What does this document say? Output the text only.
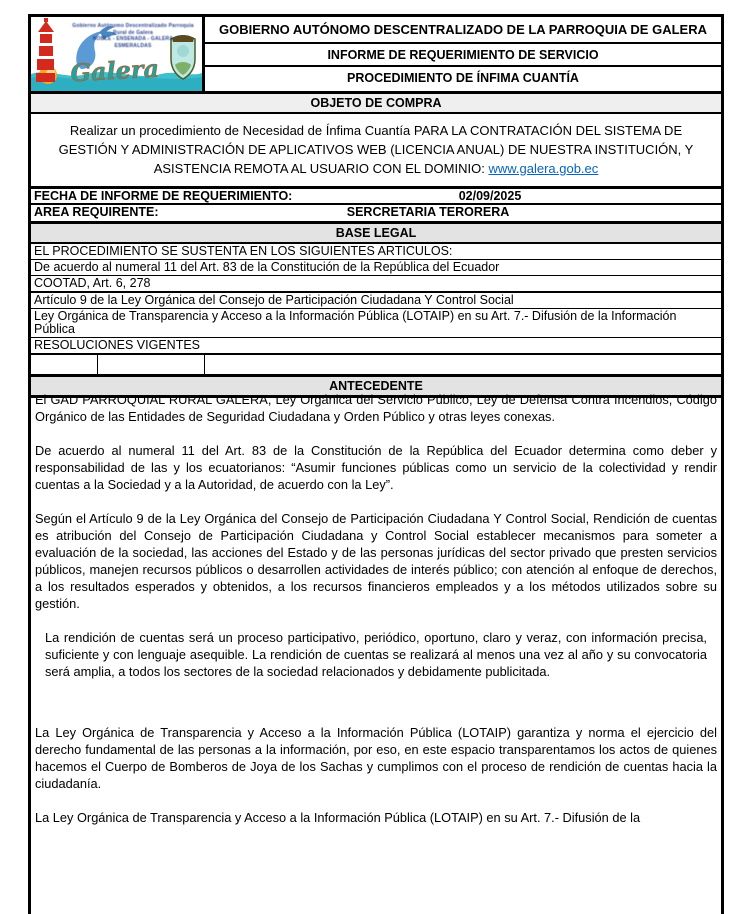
Galera
Gobierno Autónomo Descentralizado Parroquia Rural de Galera
NOBLE - ENSENADA - GALERA
ESMERALDAS
GOBIERNO AUTÓNOMO DESCENTRALIZADO DE LA PARROQUIA DE GALERA
INFORME DE REQUERIMIENTO DE SERVICIO
PROCEDIMIENTO DE ÍNFIMA CUANTÍA
OBJETO DE COMPRA
Realizar un procedimiento de Necesidad de Ínfima Cuantía PARA LA CONTRATACIÓN DEL SISTEMA DE GESTIÓN Y ADMINISTRACIÓN DE APLICATIVOS WEB (LICENCIA ANUAL) DE NUESTRA INSTITUCIÓN, Y ASISTENCIA REMOTA AL USUARIO CON EL DOMINIO: www.galera.gob.ec
FECHA DE INFORME DE REQUERIMIENTO:	02/09/2025
AREA REQUIRENTE:	SERCRETARIA TERORERA
BASE LEGAL
EL PROCEDIMIENTO SE SUSTENTA EN LOS SIGUIENTES ARTICULOS:
De acuerdo al numeral 11 del Art. 83 de la Constitución de la República del Ecuador
COOTAD, Art. 6, 278
Artículo 9 de la Ley Orgánica del Consejo de Participación Ciudadana Y Control Social
Ley Orgánica de Transparencia y Acceso a la Información Pública (LOTAIP) en su Art. 7.- Difusión de la Información Pública
RESOLUCIONES VIGENTES
ANTECEDENTE

El GAD PARROQUIAL RURAL GALERA, Ley Orgánica del Servicio Público, Ley de Defensa Contra Incendios, Código Orgánico de las Entidades de Seguridad Ciudadana y Orden Público y otras leyes conexas.

De acuerdo al numeral 11 del Art. 83 de la Constitución de la República del Ecuador determina como deber y responsabilidad de las y los ecuatorianos: “Asumir funciones públicas como un servicio de la colectividad y rendir cuentas a la Sociedad y a la Autoridad, de acuerdo con la Ley”.

Según el Artículo 9 de la Ley Orgánica del Consejo de Participación Ciudadana Y Control Social, Rendición de cuentas es atribución del Consejo de Participación Ciudadana y Control Social establecer mecanismos para someter a evaluación de la sociedad, las acciones del Estado y de las personas jurídicas del sector privado que presten servicios públicos, manejen recursos públicos o desarrollen actividades de interés público; con atención al enfoque de derechos, a los resultados esperados y obtenidos, a los recursos financieros empleados y a los métodos utilizados sobre su gestión.

La rendición de cuentas será un proceso participativo, periódico, oportuno, claro y veraz, con información precisa, suficiente y con lenguaje asequible. La rendición de cuentas se realizará al menos una vez al año y su convocatoria será amplia, a todos los sectores de la sociedad relacionados y debidamente publicitada.

La Ley Orgánica de Transparencia y Acceso a la Información Pública (LOTAIP) garantiza y norma el ejercicio del derecho fundamental de las personas a la información, por eso, en este espacio transparentamos los actos de quienes hacemos el Cuerpo de Bomberos de Joya de los Sachas y cumplimos con el proceso de rendición de cuentas hacia la ciudadanía.

La Ley Orgánica de Transparencia y Acceso a la Información Pública (LOTAIP) en su Art. 7.- Difusión de la
